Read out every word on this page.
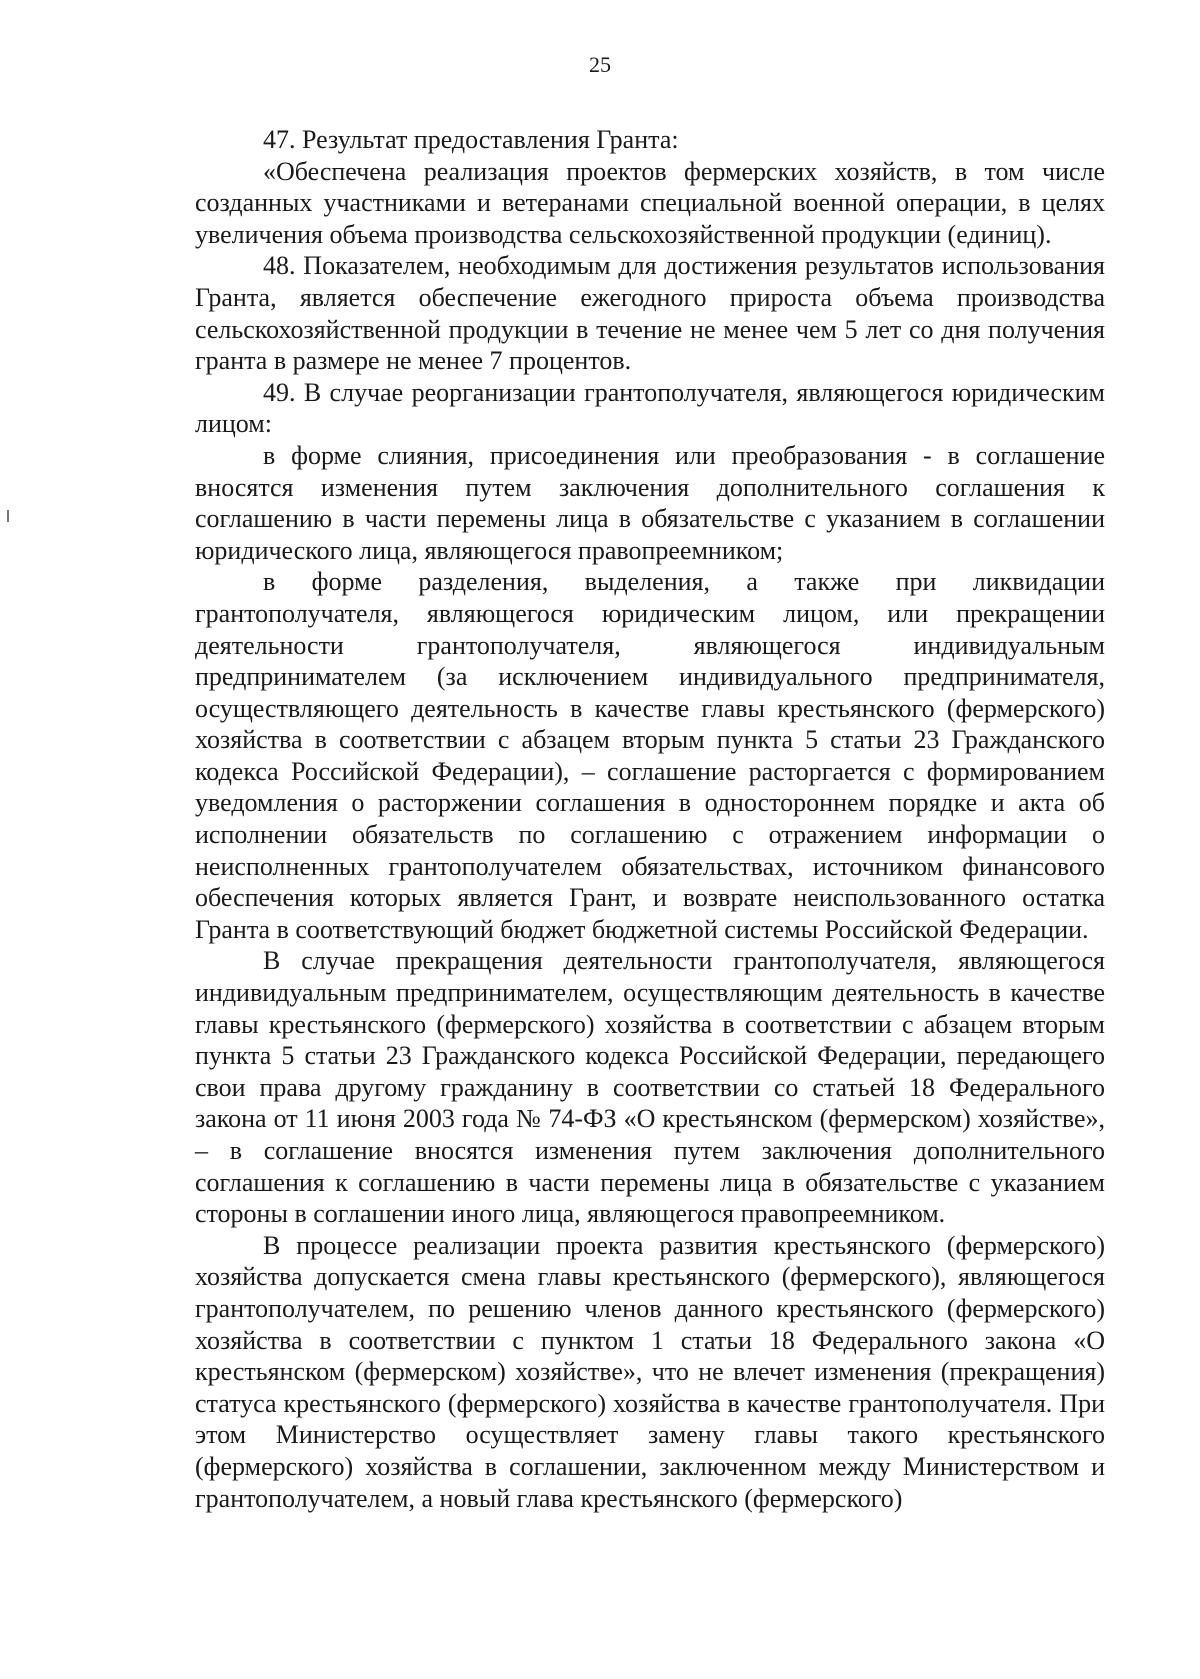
25

47. Результат предоставления Гранта:

«Обеспечена реализация проектов фермерских хозяйств, в том числе созданных участниками и ветеранами специальной военной операции, в целях увеличения объема производства сельскохозяйственной продукции (единиц).

48. Показателем, необходимым для достижения результатов использования Гранта, является обеспечение ежегодного прироста объема производства сельскохозяйственной продукции в течение не менее чем 5 лет со дня получения гранта в размере не менее 7 процентов.

49. В случае реорганизации грантополучателя, являющегося юридическим лицом:

в форме слияния, присоединения или преобразования - в соглашение вносятся изменения путем заключения дополнительного соглашения к соглашению в части перемены лица в обязательстве с указанием в соглашении юридического лица, являющегося правопреемником;

в форме разделения, выделения, а также при ликвидации грантополучателя, являющегося юридическим лицом, или прекращении деятельности грантополучателя, являющегося индивидуальным предпринимателем (за исключением индивидуального предпринимателя, осуществляющего деятельность в качестве главы крестьянского (фермерского) хозяйства в соответствии с абзацем вторым пункта 5 статьи 23 Гражданского кодекса Российской Федерации), – соглашение расторгается с формированием уведомления о расторжении соглашения в одностороннем порядке и акта об исполнении обязательств по соглашению с отражением информации о неисполненных грантополучателем обязательствах, источником финансового обеспечения которых является Грант, и возврате неиспользованного остатка Гранта в соответствующий бюджет бюджетной системы Российской Федерации.

В случае прекращения деятельности грантополучателя, являющегося индивидуальным предпринимателем, осуществляющим деятельность в качестве главы крестьянского (фермерского) хозяйства в соответствии с абзацем вторым пункта 5 статьи 23 Гражданского кодекса Российской Федерации, передающего свои права другому гражданину в соответствии со статьей 18 Федерального закона от 11 июня 2003 года № 74-ФЗ «О крестьянском (фермерском) хозяйстве», – в соглашение вносятся изменения путем заключения дополнительного соглашения к соглашению в части перемены лица в обязательстве с указанием стороны в соглашении иного лица, являющегося правопреемником.

В процессе реализации проекта развития крестьянского (фермерского) хозяйства допускается смена главы крестьянского (фермерского), являющегося грантополучателем, по решению членов данного крестьянского (фермерского) хозяйства в соответствии с пунктом 1 статьи 18 Федерального закона «О крестьянском (фермерском) хозяйстве», что не влечет изменения (прекращения) статуса крестьянского (фермерского) хозяйства в качестве грантополучателя. При этом Министерство осуществляет замену главы такого крестьянского (фермерского) хозяйства в соглашении, заключенном между Министерством и грантополучателем, а новый глава крестьянского (фермерского)
